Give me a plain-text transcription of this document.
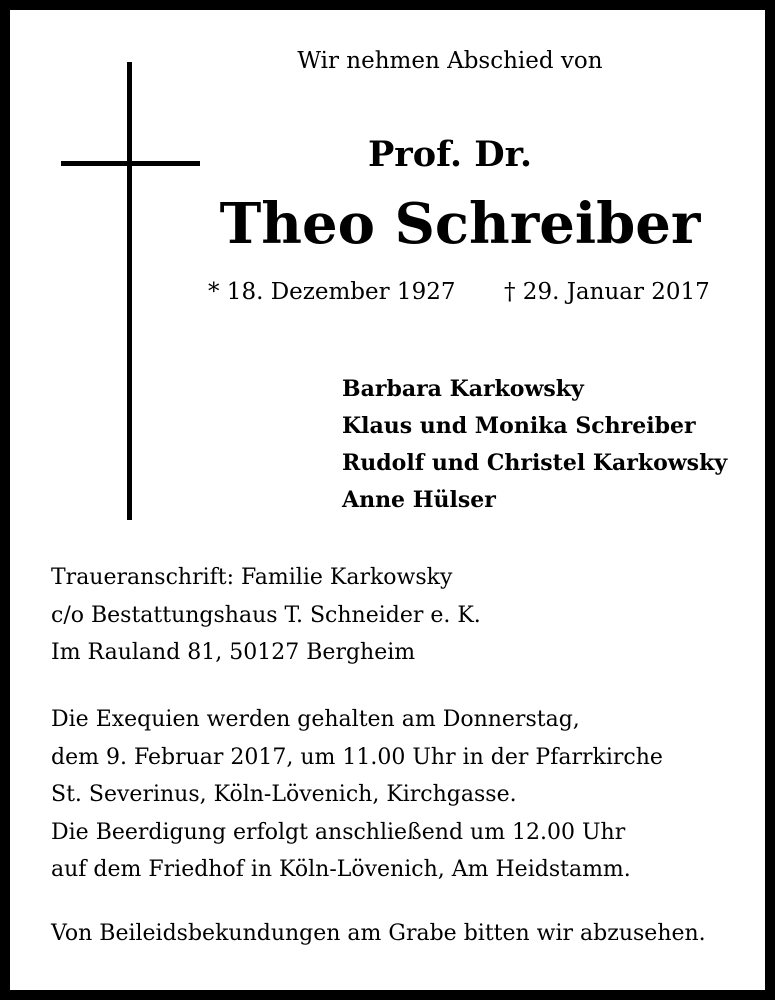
Wir nehmen Abschied von
Prof. Dr.
Theo Schreiber
* 18. Dezember 1927 † 29. Januar 2017
Barbara Karkowsky
Klaus und Monika Schreiber
Rudolf und Christel Karkowsky
Anne Hülser
Traueranschrift: Familie Karkowsky
c/o Bestattungshaus T. Schneider e. K.
Im Rauland 81, 50127 Bergheim
Die Exequien werden gehalten am Donnerstag,
dem 9. Februar 2017, um 11.00 Uhr in der Pfarrkirche
St. Severinus, Köln-Lövenich, Kirchgasse.
Die Beerdigung erfolgt anschließend um 12.00 Uhr
auf dem Friedhof in Köln-Lövenich, Am Heidstamm.
Von Beileidsbekundungen am Grabe bitten wir abzusehen.
